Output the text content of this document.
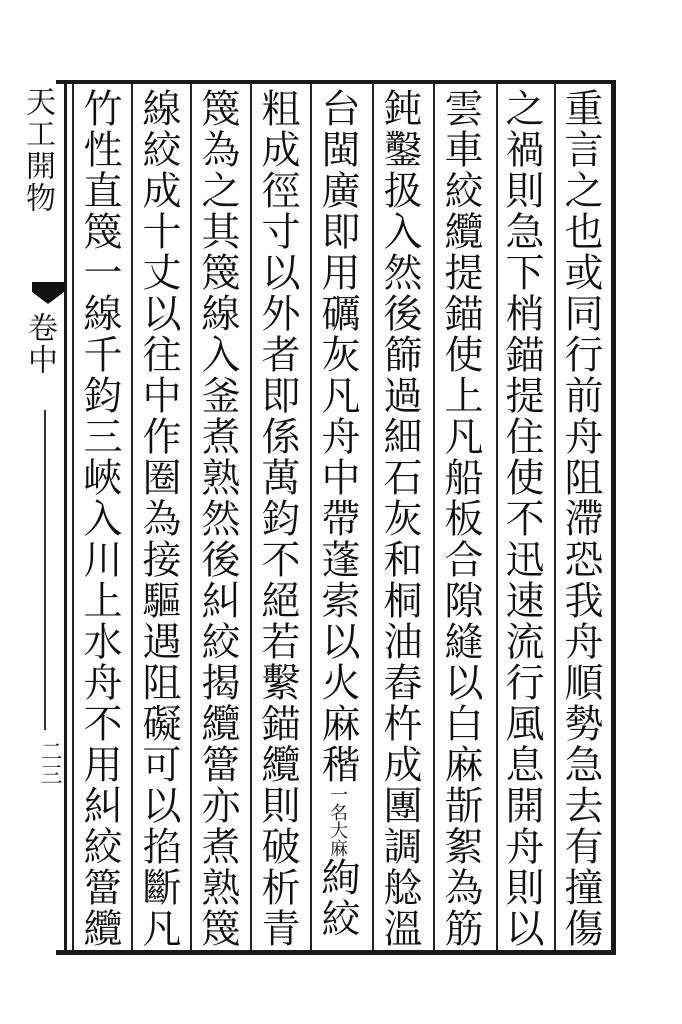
重言之也或同行前舟阻滯恐我舟順勢急去有撞傷
之禍則急下梢錨提住使不迅速流行風息開舟則以
雲車絞纜提錨使上凡船板合隙縫以白麻斮絮為筋
鈍鑿扱入然後篩過細石灰和桐油舂杵成團調艌溫
台閩廣即用礪灰凡舟中帶蓬索以火麻稭一名大麻絢絞
粗成徑寸以外者即係萬鈞不絕若繫錨纜則破析青
篾為之其篾線入釜煮熟然後糾絞揭纜簹亦煮熟篾
線絞成十丈以往中作圈為接驅遇阻礙可以掐斷凡
竹性直篾一線千鈞三峽入川上水舟不用糾絞簹纜
天工開物
卷中
二三
